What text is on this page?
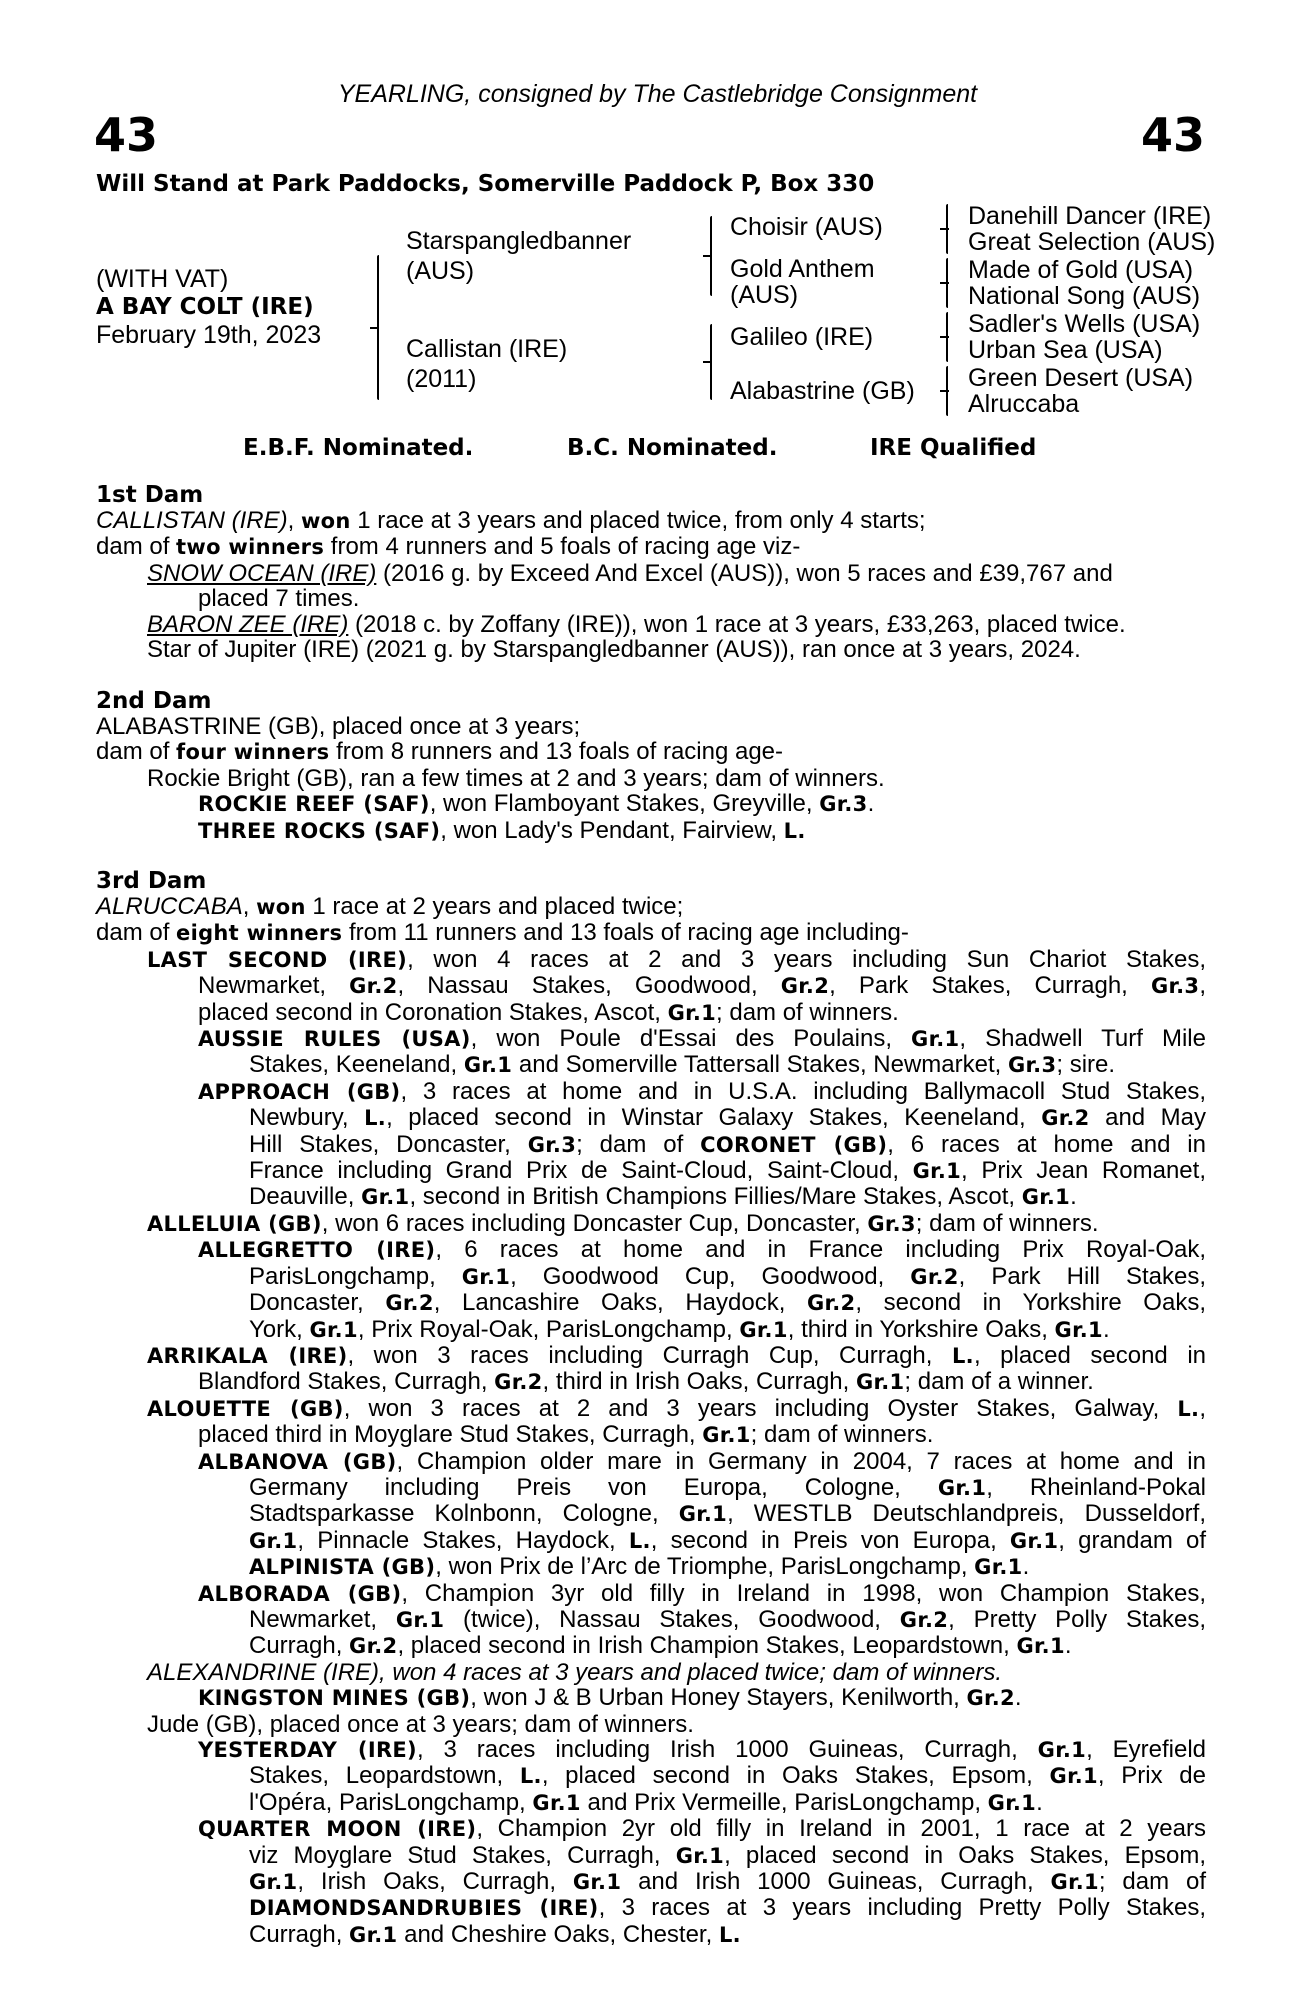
YEARLING, consigned by The Castlebridge Consignment
43	43
Will Stand at Park Paddocks, Somerville Paddock P, Box 330
(WITH VAT)
A BAY COLT (IRE)
February 19th, 2023
Starspangledbanner
(AUS)
Callistan (IRE)
(2011)
Choisir (AUS)
Gold Anthem
(AUS)
Galileo (IRE)
Alabastrine (GB)
Danehill Dancer (IRE)
Great Selection (AUS)
Made of Gold (USA)
National Song (AUS)
Sadler's Wells (USA)
Urban Sea (USA)
Green Desert (USA)
Alruccaba
E.B.F. Nominated.	B.C. Nominated.	IRE Qualified
1st Dam
CALLISTAN (IRE), won 1 race at 3 years and placed twice, from only 4 starts;
dam of two winners from 4 runners and 5 foals of racing age viz-
SNOW OCEAN (IRE) (2016 g. by Exceed And Excel (AUS)), won 5 races and £39,767 and
placed 7 times.
BARON ZEE (IRE) (2018 c. by Zoffany (IRE)), won 1 race at 3 years, £33,263, placed twice.
Star of Jupiter (IRE) (2021 g. by Starspangledbanner (AUS)), ran once at 3 years, 2024.
2nd Dam
ALABASTRINE (GB), placed once at 3 years;
dam of four winners from 8 runners and 13 foals of racing age-
Rockie Bright (GB), ran a few times at 2 and 3 years; dam of winners.
ROCKIE REEF (SAF), won Flamboyant Stakes, Greyville, Gr.3.
THREE ROCKS (SAF), won Lady's Pendant, Fairview, L.
3rd Dam
ALRUCCABA, won 1 race at 2 years and placed twice;
dam of eight winners from 11 runners and 13 foals of racing age including-
LAST SECOND (IRE), won 4 races at 2 and 3 years including Sun Chariot Stakes,
Newmarket, Gr.2, Nassau Stakes, Goodwood, Gr.2, Park Stakes, Curragh, Gr.3,
placed second in Coronation Stakes, Ascot, Gr.1; dam of winners.
AUSSIE RULES (USA), won Poule d'Essai des Poulains, Gr.1, Shadwell Turf Mile
Stakes, Keeneland, Gr.1 and Somerville Tattersall Stakes, Newmarket, Gr.3; sire.
APPROACH (GB), 3 races at home and in U.S.A. including Ballymacoll Stud Stakes,
Newbury, L., placed second in Winstar Galaxy Stakes, Keeneland, Gr.2 and May
Hill Stakes, Doncaster, Gr.3; dam of CORONET (GB), 6 races at home and in
France including Grand Prix de Saint-Cloud, Saint-Cloud, Gr.1, Prix Jean Romanet,
Deauville, Gr.1, second in British Champions Fillies/Mare Stakes, Ascot, Gr.1.
ALLELUIA (GB), won 6 races including Doncaster Cup, Doncaster, Gr.3; dam of winners.
ALLEGRETTO (IRE), 6 races at home and in France including Prix Royal-Oak,
ParisLongchamp, Gr.1, Goodwood Cup, Goodwood, Gr.2, Park Hill Stakes,
Doncaster, Gr.2, Lancashire Oaks, Haydock, Gr.2, second in Yorkshire Oaks,
York, Gr.1, Prix Royal-Oak, ParisLongchamp, Gr.1, third in Yorkshire Oaks, Gr.1.
ARRIKALA (IRE), won 3 races including Curragh Cup, Curragh, L., placed second in
Blandford Stakes, Curragh, Gr.2, third in Irish Oaks, Curragh, Gr.1; dam of a winner.
ALOUETTE (GB), won 3 races at 2 and 3 years including Oyster Stakes, Galway, L.,
placed third in Moyglare Stud Stakes, Curragh, Gr.1; dam of winners.
ALBANOVA (GB), Champion older mare in Germany in 2004, 7 races at home and in
Germany including Preis von Europa, Cologne, Gr.1, Rheinland-Pokal
Stadtsparkasse Kolnbonn, Cologne, Gr.1, WESTLB Deutschlandpreis, Dusseldorf,
Gr.1, Pinnacle Stakes, Haydock, L., second in Preis von Europa, Gr.1, grandam of
ALPINISTA (GB), won Prix de l’Arc de Triomphe, ParisLongchamp, Gr.1.
ALBORADA (GB), Champion 3yr old filly in Ireland in 1998, won Champion Stakes,
Newmarket, Gr.1 (twice), Nassau Stakes, Goodwood, Gr.2, Pretty Polly Stakes,
Curragh, Gr.2, placed second in Irish Champion Stakes, Leopardstown, Gr.1.
ALEXANDRINE (IRE), won 4 races at 3 years and placed twice; dam of winners.
KINGSTON MINES (GB), won J & B Urban Honey Stayers, Kenilworth, Gr.2.
Jude (GB), placed once at 3 years; dam of winners.
YESTERDAY (IRE), 3 races including Irish 1000 Guineas, Curragh, Gr.1, Eyrefield
Stakes, Leopardstown, L., placed second in Oaks Stakes, Epsom, Gr.1, Prix de
l'Opéra, ParisLongchamp, Gr.1 and Prix Vermeille, ParisLongchamp, Gr.1.
QUARTER MOON (IRE), Champion 2yr old filly in Ireland in 2001, 1 race at 2 years
viz Moyglare Stud Stakes, Curragh, Gr.1, placed second in Oaks Stakes, Epsom,
Gr.1, Irish Oaks, Curragh, Gr.1 and Irish 1000 Guineas, Curragh, Gr.1; dam of
DIAMONDSANDRUBIES (IRE), 3 races at 3 years including Pretty Polly Stakes,
Curragh, Gr.1 and Cheshire Oaks, Chester, L.
